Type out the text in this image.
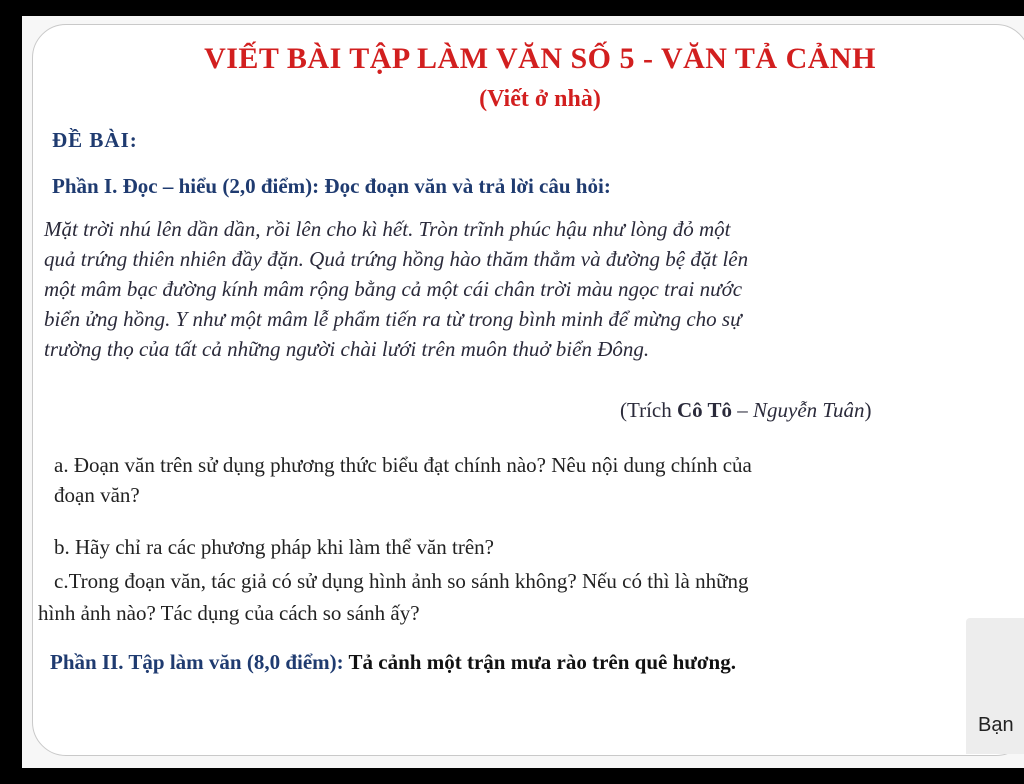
VIẾT BÀI TẬP LÀM VĂN SỐ 5 - VĂN TẢ CẢNH
(Viết ở nhà)
ĐỀ BÀI:
Phần I. Đọc – hiểu (2,0 điểm): Đọc đoạn văn và trả lời câu hỏi:

Mặt trời nhú lên dần dần, rồi lên cho kì hết. Tròn trĩnh phúc hậu như lòng đỏ một

quả trứng thiên nhiên đầy đặn. Quả trứng hồng hào thăm thẳm và đường bệ đặt lên

một mâm bạc đường kính mâm rộng bằng cả một cái chân trời màu ngọc trai nước

biển ửng hồng. Y như một mâm lễ phẩm tiến ra từ trong bình minh để mừng cho sự

trường thọ của tất cả những người chài lưới trên muôn thuở biển Đông.

(Trích Cô Tô – Nguyễn Tuân)
a. Đoạn văn trên sử dụng phương thức biểu đạt chính nào? Nêu nội dung chính của
đoạn văn?
b. Hãy chỉ ra các phương pháp khi làm thể văn trên?
c.Trong đoạn văn, tác giả có sử dụng hình ảnh so sánh không? Nếu có thì là những
hình ảnh nào? Tác dụng của cách so sánh ấy?
Phần II. Tập làm văn (8,0 điểm): Tả cảnh một trận mưa rào trên quê hương.
Bạn
